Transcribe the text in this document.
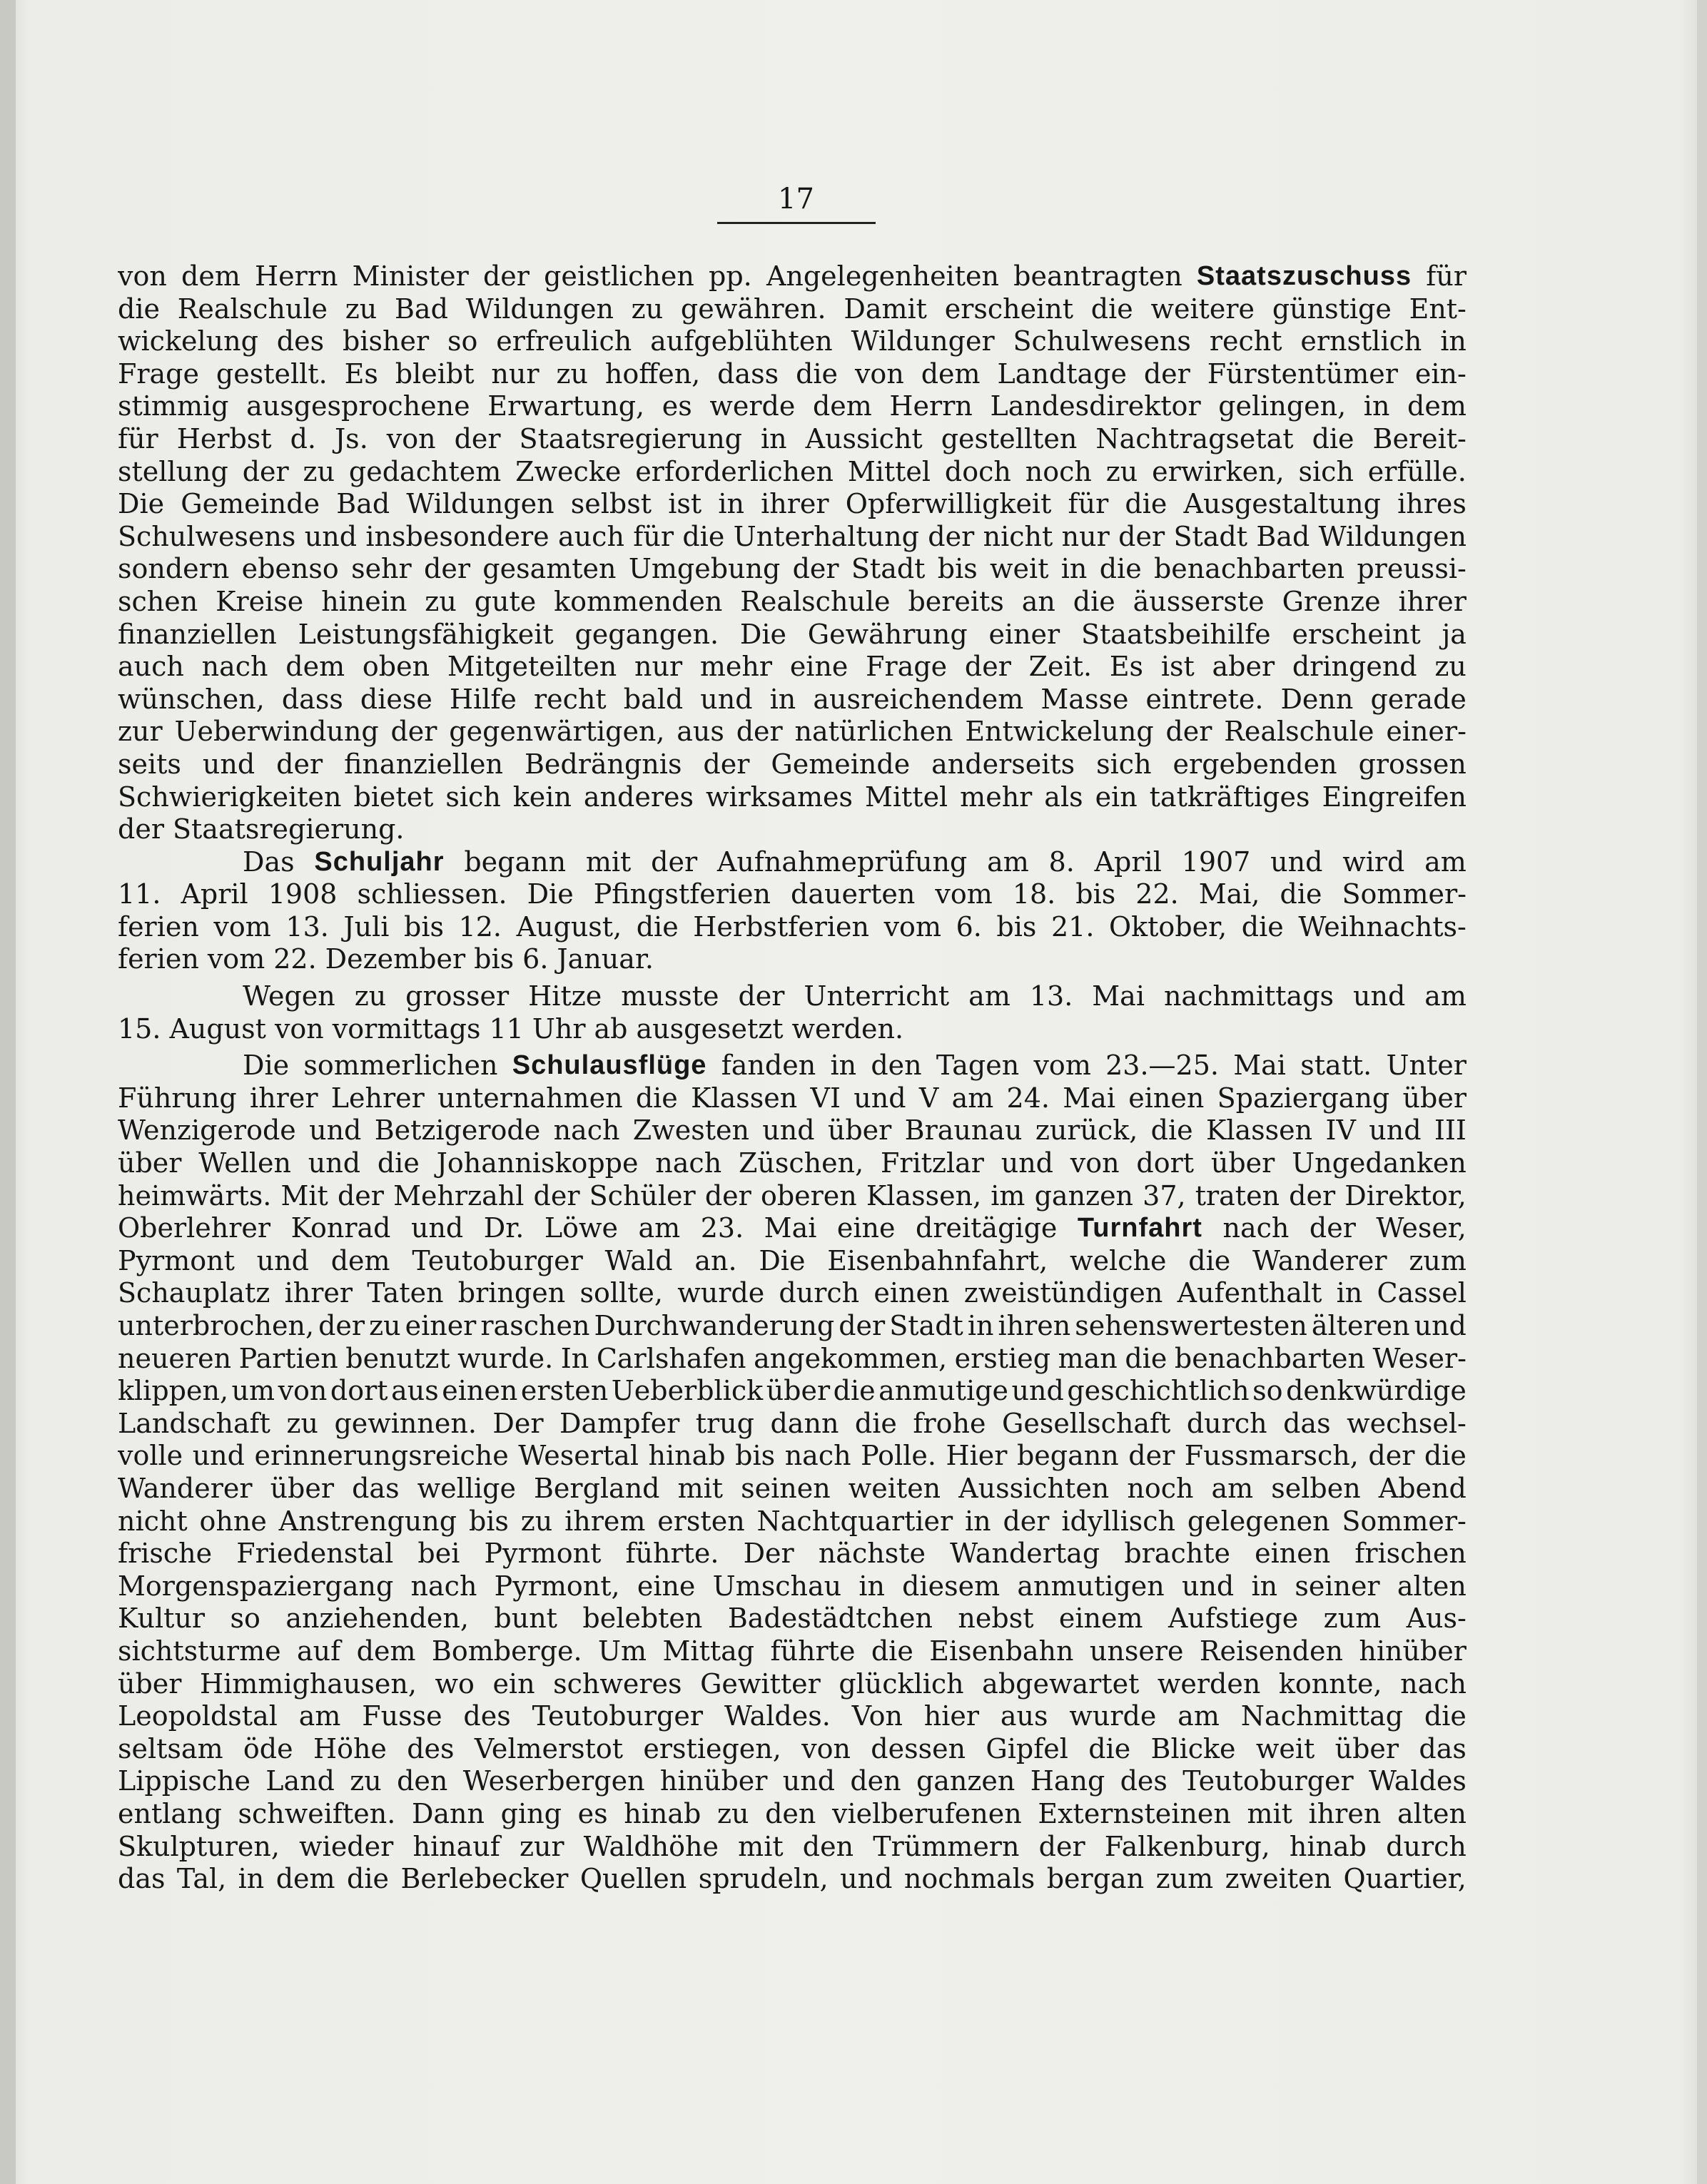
17
von dem Herrn Minister der geistlichen pp. Angelegenheiten beantragten Staatszuschuss für
die Realschule zu Bad Wildungen zu gewähren. Damit erscheint die weitere günstige Ent-
wickelung des bisher so erfreulich aufgeblühten Wildunger Schulwesens recht ernstlich in
Frage gestellt. Es bleibt nur zu hoffen, dass die von dem Landtage der Fürstentümer ein-
stimmig ausgesprochene Erwartung, es werde dem Herrn Landesdirektor gelingen, in dem
für Herbst d. Js. von der Staatsregierung in Aussicht gestellten Nachtragsetat die Bereit-
stellung der zu gedachtem Zwecke erforderlichen Mittel doch noch zu erwirken, sich erfülle.
Die Gemeinde Bad Wildungen selbst ist in ihrer Opferwilligkeit für die Ausgestaltung ihres
Schulwesens und insbesondere auch für die Unterhaltung der nicht nur der Stadt Bad Wildungen
sondern ebenso sehr der gesamten Umgebung der Stadt bis weit in die benachbarten preussi-
schen Kreise hinein zu gute kommenden Realschule bereits an die äusserste Grenze ihrer
finanziellen Leistungsfähigkeit gegangen. Die Gewährung einer Staatsbeihilfe erscheint ja
auch nach dem oben Mitgeteilten nur mehr eine Frage der Zeit. Es ist aber dringend zu
wünschen, dass diese Hilfe recht bald und in ausreichendem Masse eintrete. Denn gerade
zur Ueberwindung der gegenwärtigen, aus der natürlichen Entwickelung der Realschule einer-
seits und der finanziellen Bedrängnis der Gemeinde anderseits sich ergebenden grossen
Schwierigkeiten bietet sich kein anderes wirksames Mittel mehr als ein tatkräftiges Eingreifen
der Staatsregierung.
Das Schuljahr begann mit der Aufnahmeprüfung am 8. April 1907 und wird am
11. April 1908 schliessen. Die Pfingstferien dauerten vom 18. bis 22. Mai, die Sommer-
ferien vom 13. Juli bis 12. August, die Herbstferien vom 6. bis 21. Oktober, die Weihnachts-
ferien vom 22. Dezember bis 6. Januar.
Wegen zu grosser Hitze musste der Unterricht am 13. Mai nachmittags und am
15. August von vormittags 11 Uhr ab ausgesetzt werden.
Die sommerlichen Schulausflüge fanden in den Tagen vom 23.—25. Mai statt. Unter
Führung ihrer Lehrer unternahmen die Klassen VI und V am 24. Mai einen Spaziergang über
Wenzigerode und Betzigerode nach Zwesten und über Braunau zurück, die Klassen IV und III
über Wellen und die Johanniskoppe nach Züschen, Fritzlar und von dort über Ungedanken
heimwärts. Mit der Mehrzahl der Schüler der oberen Klassen, im ganzen 37, traten der Direktor,
Oberlehrer Konrad und Dr. Löwe am 23. Mai eine dreitägige Turnfahrt nach der Weser,
Pyrmont und dem Teutoburger Wald an. Die Eisenbahnfahrt, welche die Wanderer zum
Schauplatz ihrer Taten bringen sollte, wurde durch einen zweistündigen Aufenthalt in Cassel
unterbrochen, der zu einer raschen Durchwanderung der Stadt in ihren sehenswertesten älteren und
neueren Partien benutzt wurde. In Carlshafen angekommen, erstieg man die benachbarten Weser-
klippen, um von dort aus einen ersten Ueberblick über die anmutige und geschichtlich so denkwürdige
Landschaft zu gewinnen. Der Dampfer trug dann die frohe Gesellschaft durch das wechsel-
volle und erinnerungsreiche Wesertal hinab bis nach Polle. Hier begann der Fussmarsch, der die
Wanderer über das wellige Bergland mit seinen weiten Aussichten noch am selben Abend
nicht ohne Anstrengung bis zu ihrem ersten Nachtquartier in der idyllisch gelegenen Sommer-
frische Friedenstal bei Pyrmont führte. Der nächste Wandertag brachte einen frischen
Morgenspaziergang nach Pyrmont, eine Umschau in diesem anmutigen und in seiner alten
Kultur so anziehenden, bunt belebten Badestädtchen nebst einem Aufstiege zum Aus-
sichtsturme auf dem Bomberge. Um Mittag führte die Eisenbahn unsere Reisenden hinüber
über Himmighausen, wo ein schweres Gewitter glücklich abgewartet werden konnte, nach
Leopoldstal am Fusse des Teutoburger Waldes. Von hier aus wurde am Nachmittag die
seltsam öde Höhe des Velmerstot erstiegen, von dessen Gipfel die Blicke weit über das
Lippische Land zu den Weserbergen hinüber und den ganzen Hang des Teutoburger Waldes
entlang schweiften. Dann ging es hinab zu den vielberufenen Externsteinen mit ihren alten
Skulpturen, wieder hinauf zur Waldhöhe mit den Trümmern der Falkenburg, hinab durch
das Tal, in dem die Berlebecker Quellen sprudeln, und nochmals bergan zum zweiten Quartier,
